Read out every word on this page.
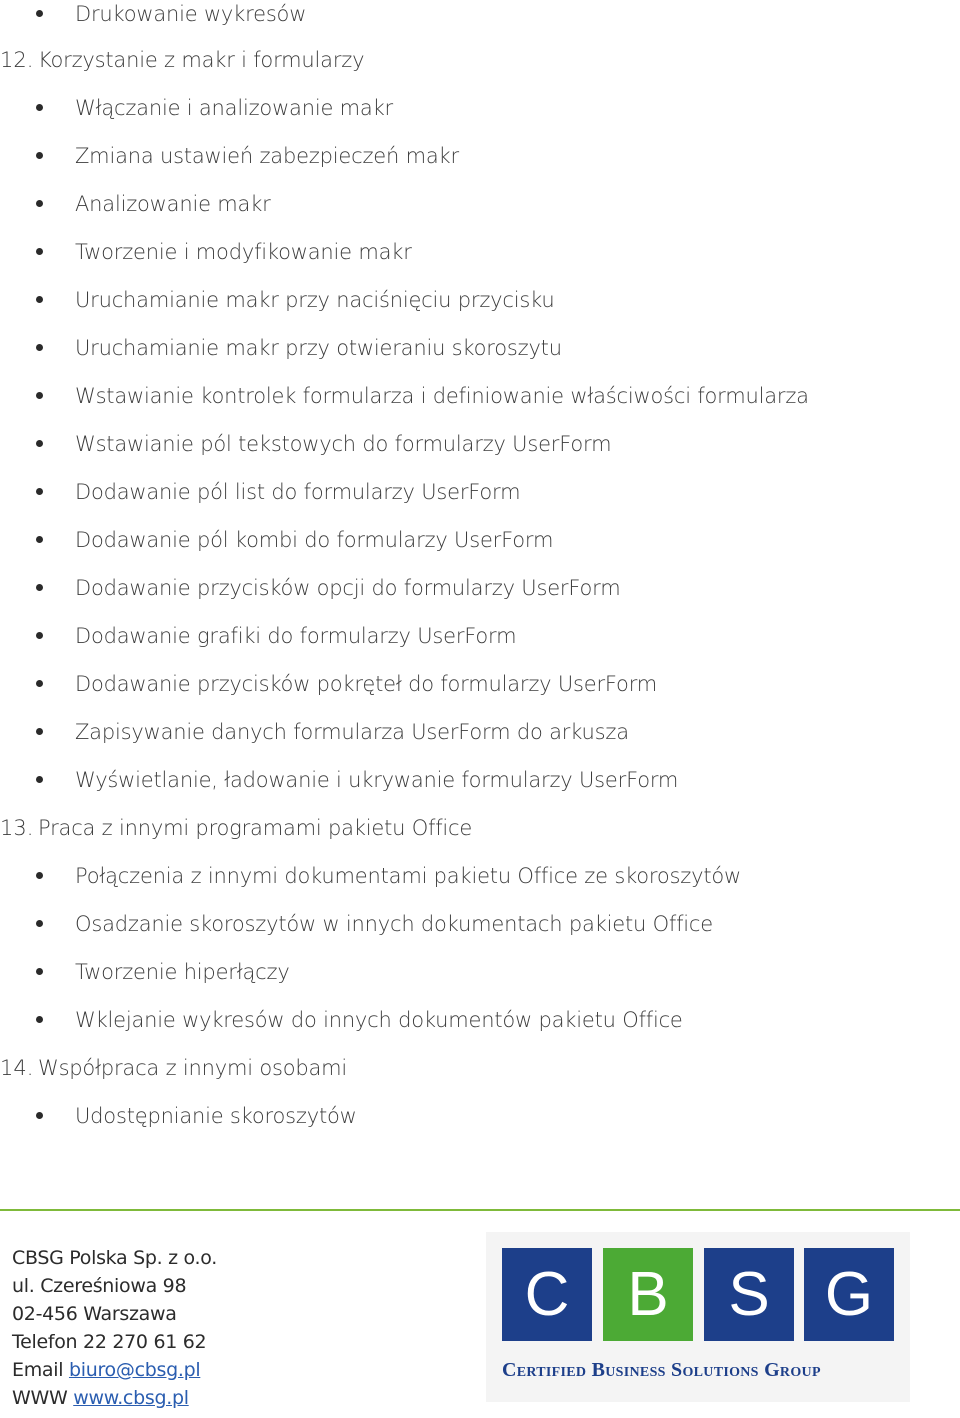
Drukowanie wykresów
12. Korzystanie z makr i formularzy
Włączanie i analizowanie makr
Zmiana ustawień zabezpieczeń makr
Analizowanie makr
Tworzenie i modyfikowanie makr
Uruchamianie makr przy naciśnięciu przycisku
Uruchamianie makr przy otwieraniu skoroszytu
Wstawianie kontrolek formularza i definiowanie właściwości formularza
Wstawianie pól tekstowych do formularzy UserForm
Dodawanie pól list do formularzy UserForm
Dodawanie pól kombi do formularzy UserForm
Dodawanie przycisków opcji do formularzy UserForm
Dodawanie grafiki do formularzy UserForm
Dodawanie przycisków pokręteł do formularzy UserForm
Zapisywanie danych formularza UserForm do arkusza
Wyświetlanie, ładowanie i ukrywanie formularzy UserForm
13. Praca z innymi programami pakietu Office
Połączenia z innymi dokumentami pakietu Office ze skoroszytów
Osadzanie skoroszytów w innych dokumentach pakietu Office
Tworzenie hiperłączy
Wklejanie wykresów do innych dokumentów pakietu Office
14. Współpraca z innymi osobami
Udostępnianie skoroszytów
CBSG Polska Sp. z o.o.
ul. Czereśniowa 98
02-456 Warszawa
Telefon 22 270 61 62
Email biuro@cbsg.pl
WWW www.cbsg.pl
C B S G
Certified Business Solutions Group
